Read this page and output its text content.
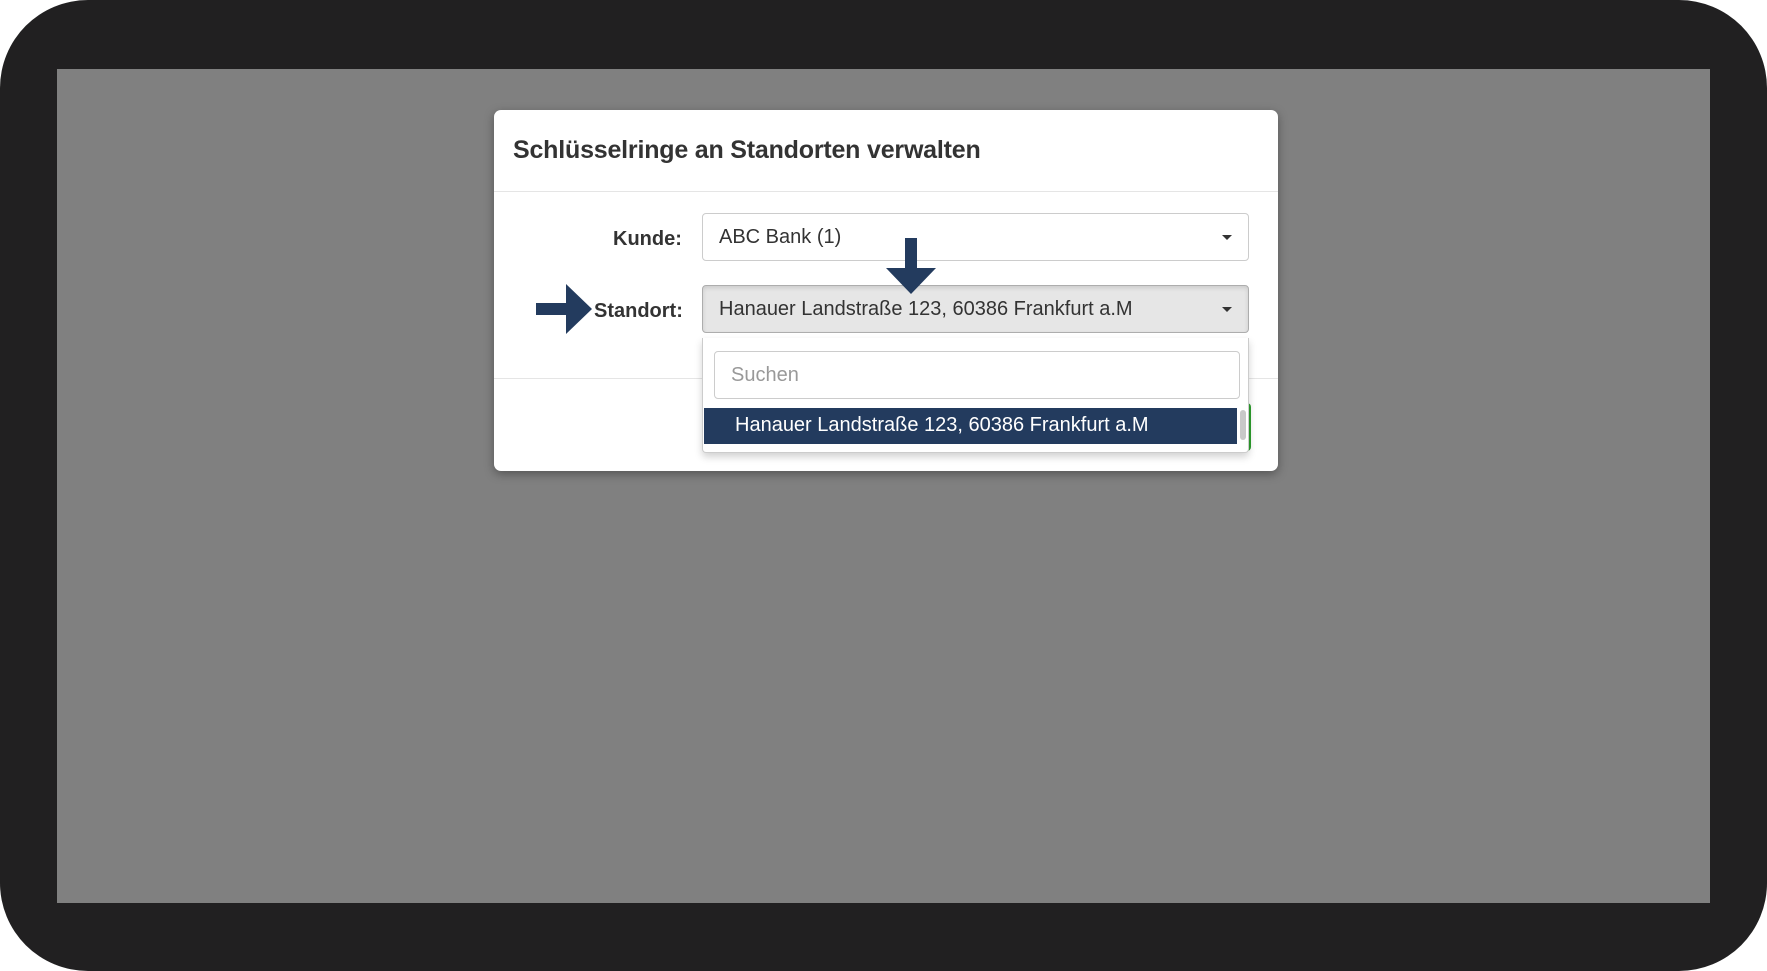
Schlüsselringe an Standorten verwalten
Kunde: ABC Bank (1)
Standort: Hanauer Landstraße 123, 60386 Frankfurt a.M
Suchen
Hanauer Landstraße 123, 60386 Frankfurt a.M
